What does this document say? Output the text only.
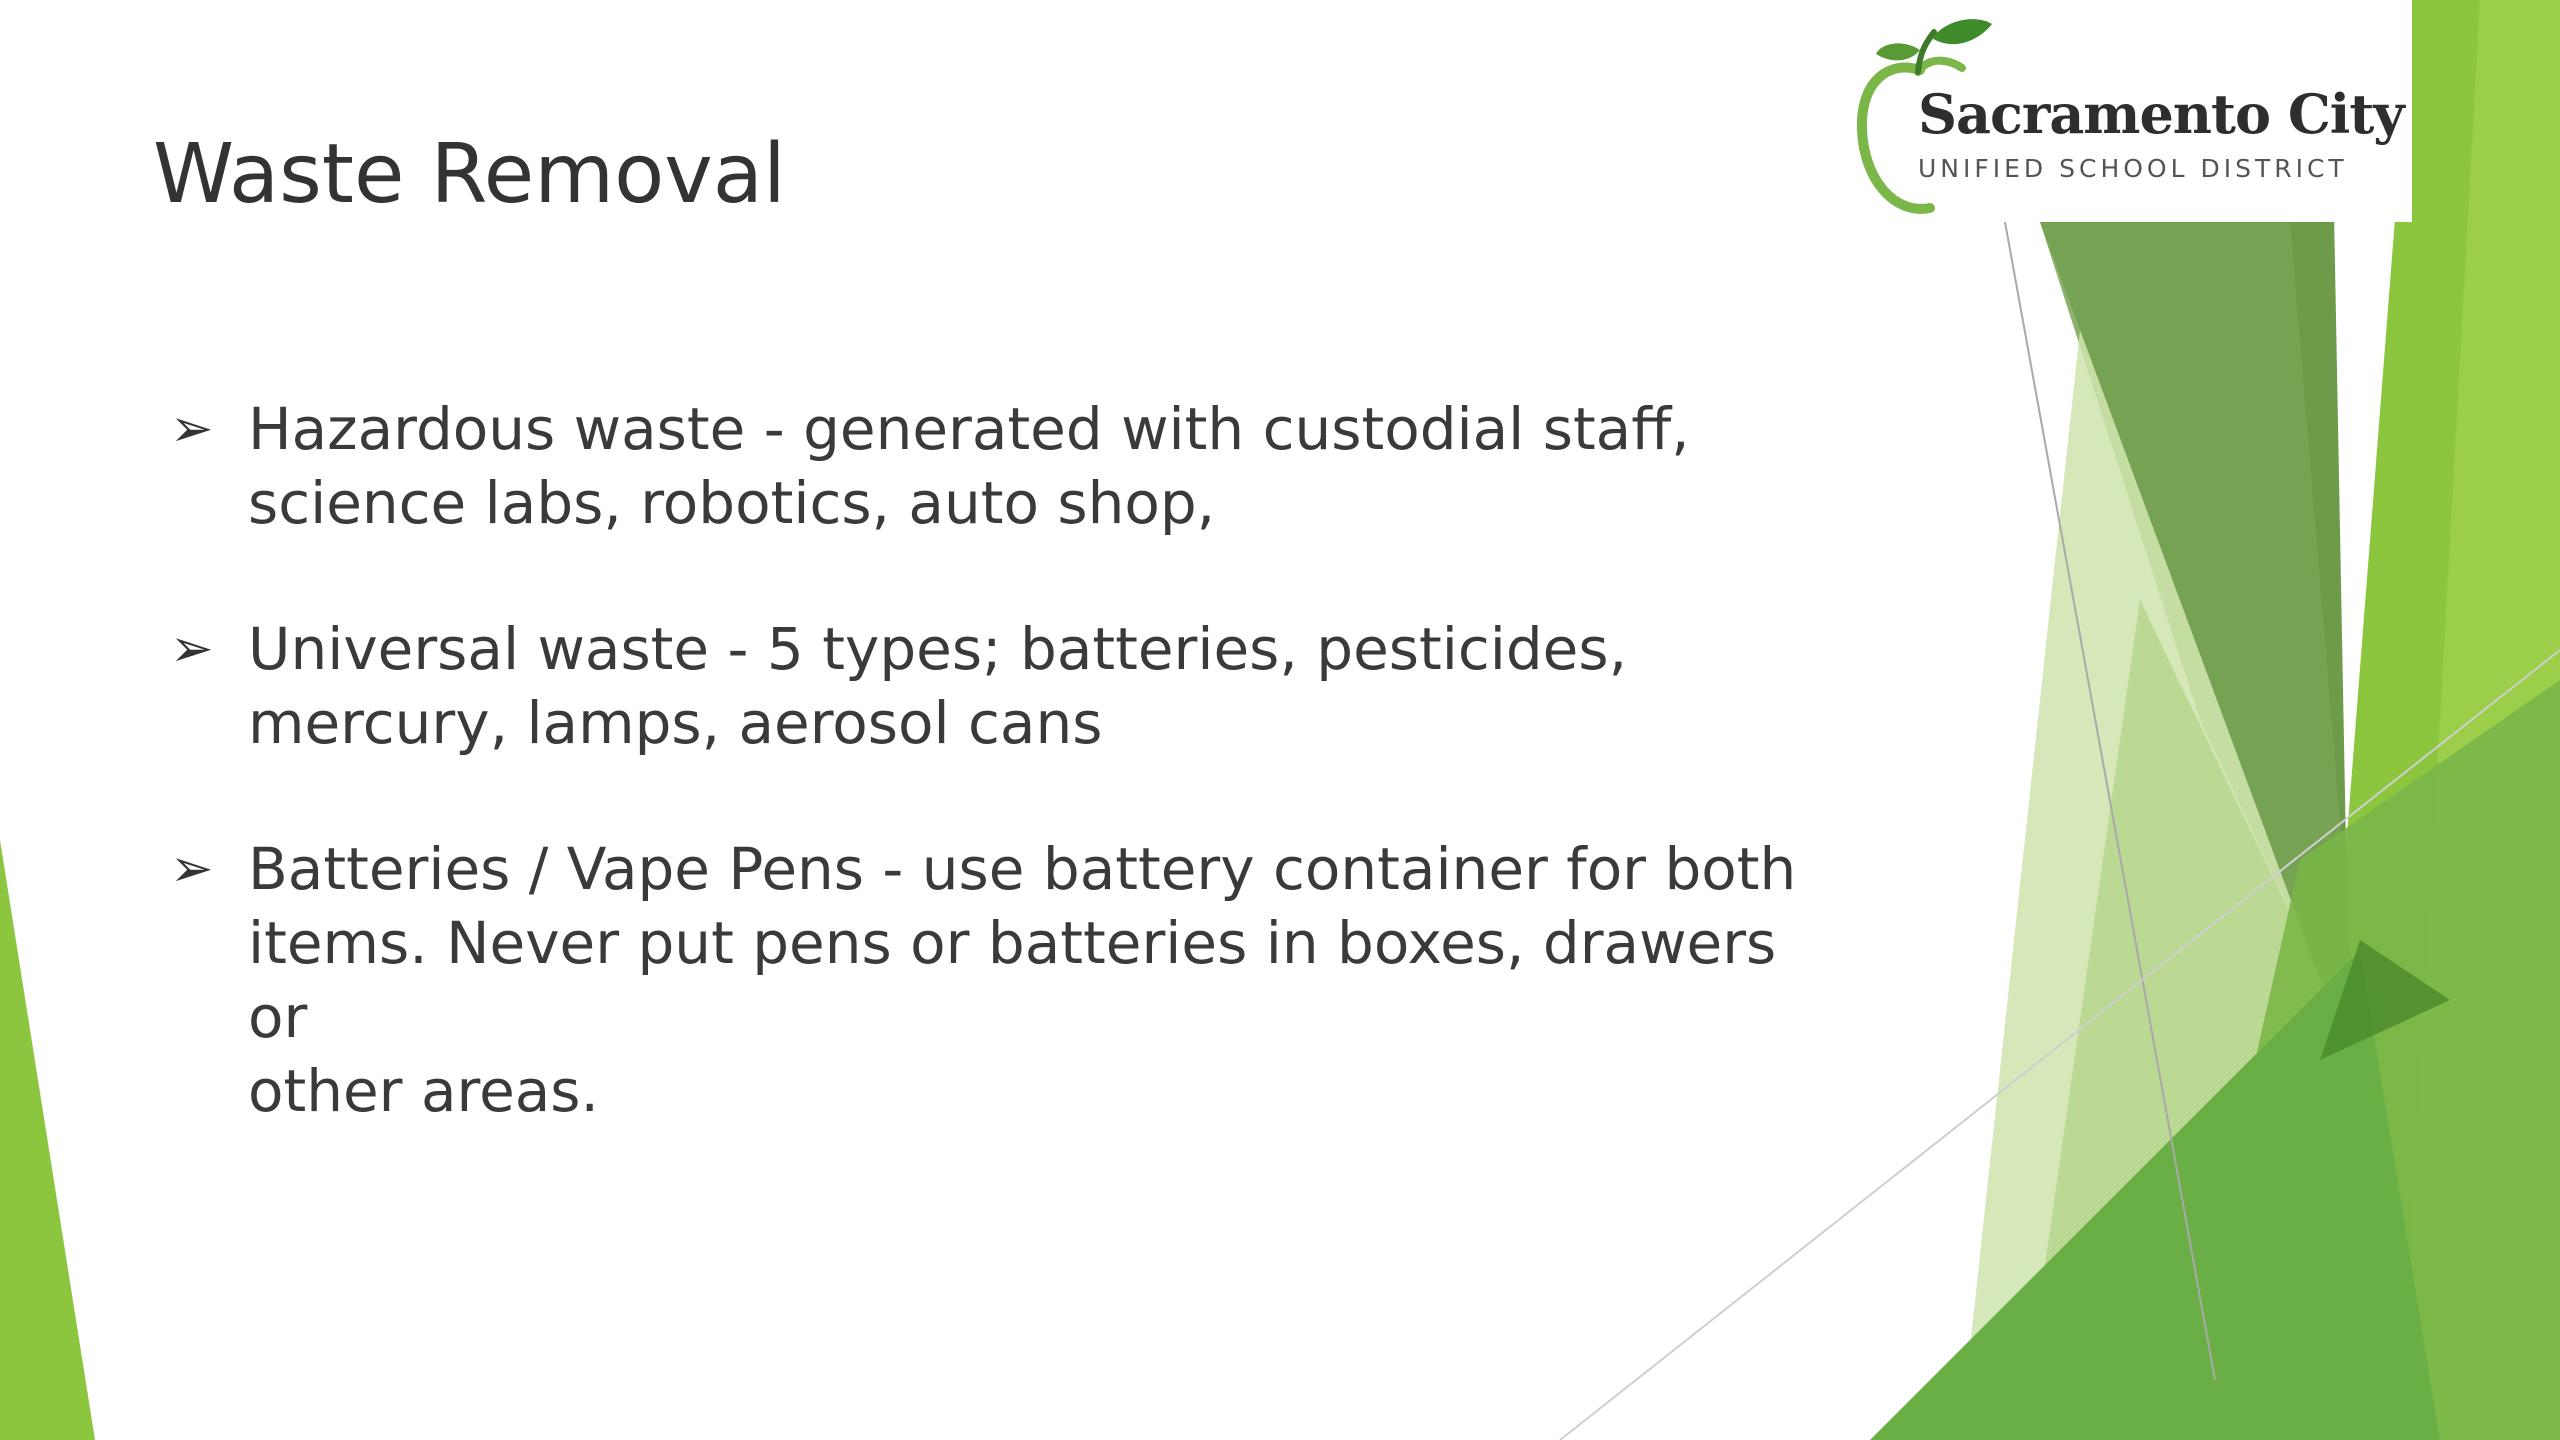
Sacramento City
UNIFIED SCHOOL DISTRICT
Waste Removal
➢ Hazardous waste - generated with custodial staff,
science labs, robotics, auto shop,
➢ Universal waste - 5 types; batteries, pesticides,
mercury, lamps, aerosol cans
➢ Batteries / Vape Pens - use battery container for both
items. Never put pens or batteries in boxes, drawers or
other areas.
